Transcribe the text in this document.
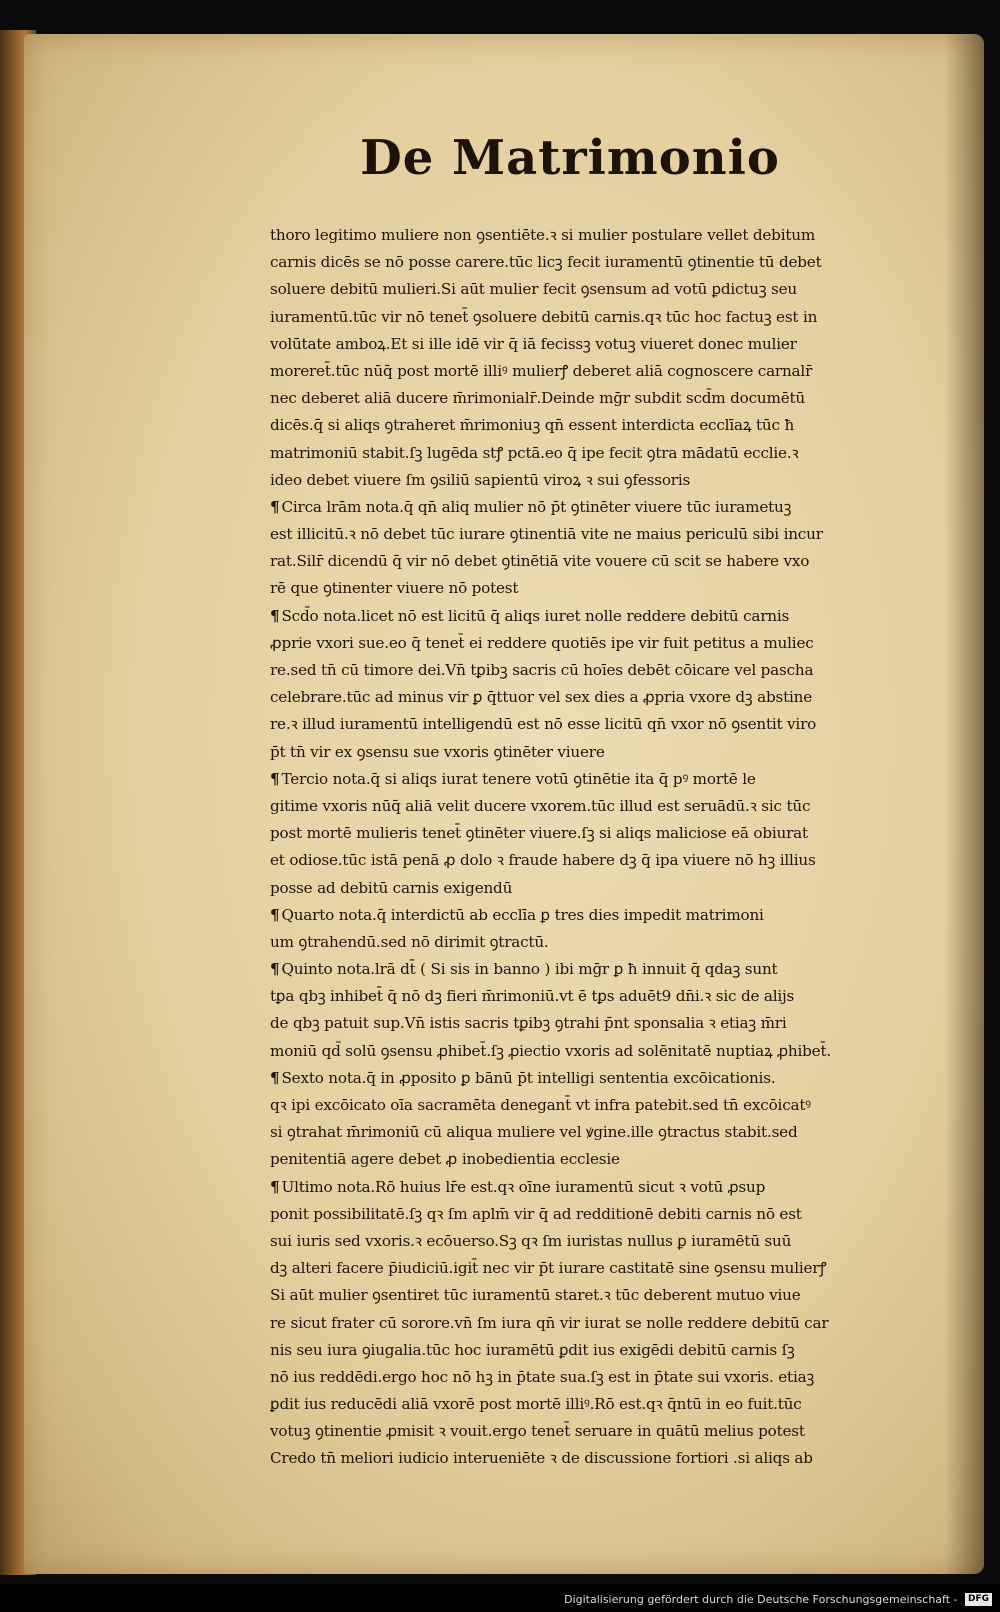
De Matrimonio
thoro legitimo muliere non ꝯsentiēte.ꝛ si mulier postulare vellet debitum
carnis dicēs se nō posse carere.tūc licꝫ fecit iuramentū ꝯtinentie tū debet
soluere debitū mulieri.Si aūt mulier fecit ꝯsensum ad votū ꝑdictuꝫ seu
iuramentū.tūc vir nō tenet̄ ꝯsoluere debitū carnis.qꝛ tūc hoc factuꝫ est in
volūtate amboꝝ.Et si ille idē vir q̄ iā fecissꝫ votuꝫ viueret donec mulier
moreret̄.tūc nūq̄ post mortē illiꝰ mulierꝭ deberet aliā cognoscere carnalr̄
nec deberet aliā ducere m̄rimonialr̄.Deinde mḡr subdit scd̄m documētū
dicēs.q̄ si aliqs ꝯtraheret m̄rimoniuꝫ qn̄ essent interdicta ecclīaꝝ tūc ħ
matrimoniū stabit.ſꝫ lugēda stꝭ pctā.eo q̄ ipe fecit ꝯtra mādatū ecclie.ꝛ
ideo debet viuere ſm ꝯsiliū sapientū viroꝝ ꝛ sui ꝯfessoris
¶ Circa lrām nota.q̄ qn̄ aliq mulier nō p̄t ꝯtinēter viuere tūc iurametuꝫ
est illicitū.ꝛ nō debet tūc iurare ꝯtinentiā vite ne maius periculū sibi incur
rat.Silr̄ dicendū q̄ vir nō debet ꝯtinētiā vite vouere cū scit se habere vxo
rē que ꝯtinenter viuere nō potest
¶ Scd̄o nota.licet nō est licitū q̄ aliqs iuret nolle reddere debitū carnis
ꝓprie vxori sue.eo q̄ tenet̄ ei reddere quotiēs ipe vir fuit petitus a muliec
re.sed tn̄ cū timore dei.Vn̄ tꝑibꝫ sacris cū hoīes debēt cōicare vel pascha
celebrare.tūc ad minus vir ꝑ q̄ttuor vel sex dies a ꝓpria vxore dꝫ abstine
re.ꝛ illud iuramentū intelligendū est nō esse licitū qn̄ vxor nō ꝯsentit viro
p̄t tn̄ vir ex ꝯsensu sue vxoris ꝯtinēter viuere
¶ Tercio nota.q̄ si aliqs iurat tenere votū ꝯtinētie ita q̄ pꝰ mortē le
gitime vxoris nūq̄ aliā velit ducere vxorem.tūc illud est seruādū.ꝛ sic tūc
post mortē mulieris tenet̄ ꝯtinēter viuere.ſꝫ si aliqs maliciose eā obiurat
et odiose.tūc istā penā ꝓ dolo ꝛ fraude habere dꝫ q̄ ipa viuere nō hꝫ illius
posse ad debitū carnis exigendū
¶ Quarto nota.q̄ interdictū ab ecclīa ꝑ tres dies impedit matrimoni
um ꝯtrahendū.sed nō dirimit ꝯtractū.
¶ Quinto nota.lrā dt̄ ( Si sis in banno ) ibi mḡr ꝑ ħ innuit q̄ qdaꝫ sunt
tꝑa qbꝫ inhibet̄ q̄ nō dꝫ fieri m̄rimoniū.vt ē tꝑs aduēt9 dn̄i.ꝛ sic de alijs
de qbꝫ patuit sup.Vn̄ istis sacris tꝑibꝫ ꝯtrahi p̄nt sponsalia ꝛ etiaꝫ m̄ri
moniū qd̄ solū ꝯsensu ꝓhibet̄.ſꝫ ꝓiectio vxoris ad solēnitatē nuptiaꝝ ꝓhibet̄.
¶ Sexto nota.q̄ in ꝓposito ꝑ bānū p̄t intelligi sententia excōicationis.
qꝛ ipi excōicato oīa sacramēta denegant̄ vt infra patebit.sed tn̄ excōicatꝰ
si ꝯtrahat m̄rimoniū cū aliqua muliere vel ꝟgine.ille ꝯtractus stabit.sed
penitentiā agere debet ꝓ inobedientia ecclesie
¶ Ultimo nota.Rō huius lr̄e est.qꝛ oīne iuramentū sicut ꝛ votū ꝓsup
ponit possibilitatē.ſꝫ qꝛ ſm aplm̄ vir q̄ ad redditionē debiti carnis nō est
sui iuris sed vxoris.ꝛ ecōuerso.Sꝫ qꝛ ſm iuristas nullus ꝑ iuramētū suū
dꝫ alteri facere p̄iudiciū.igit̄ nec vir p̄t iurare castitatē sine ꝯsensu mulierꝭ
Si aūt mulier ꝯsentiret tūc iuramentū staret.ꝛ tūc deberent mutuo viue
re sicut frater cū sorore.vn̄ ſm iura qn̄ vir iurat se nolle reddere debitū car
nis seu iura ꝯiugalia.tūc hoc iuramētū ꝑdit ius exigēdi debitū carnis ſꝫ
nō ius reddēdi.ergo hoc nō hꝫ in p̄tate sua.ſꝫ est in p̄tate sui vxoris. etiaꝫ
ꝑdit ius reducēdi aliā vxorē post mortē illiꝰ.Rō est.qꝛ q̄ntū in eo fuit.tūc
votuꝫ ꝯtinentie ꝓmisit ꝛ vouit.ergo tenet̄ seruare in quātū melius potest
Credo tn̄ meliori iudicio interueniēte ꝛ de discussione fortiori .si aliqs ab
Digitalisierung gefördert durch die Deutsche Forschungsgemeinschaft - DFG
